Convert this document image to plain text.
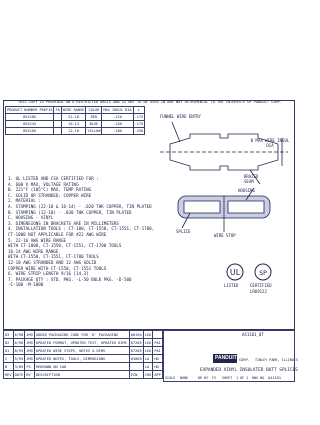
THIS COPY IS PROVIDED ON A RESTRICTED BASIS AND IS NOT TO BE USED IN ANY WAY DETRIMENTAL TO THE INTERESTS OF PANDUIT CORP.
PRODUCT NUMBER PREFIX	FA	WIRE RANGE	COLOR	MAX INSUL DIA	L
BSV18X		22-18	RED	.120	.175
BSV14X		16-14	BLUE	.140	.175
BSV10X		12-10	YELLOW	.180	.250
FUNNEL WIRE ENTRY
B MAX WIRE INSUL DIA
HOUSING
BRAZED SEAM
SPLICE
WIRE STOP
1. UL LISTED AND CSA CERTIFIED FOR :
A. 600 V MAX, VOLTAGE RATING
B. 221°F (105°C) MAX. TEMP RATING
C. SOLID OR STRANDED, COPPER WIRE
2. MATERIAL :
A. STAMPING (22-18 & 16-14) - .020 THK COPPER, TIN PLATED
B. STAMPING (12-10) - .030 THK COPPER, TIN PLATED
C. HOUSING - VINYL
3. DIMENSIONS IN BRACKETS ARE IN MILLIMETERS
4. INSTALLATION TOOLS : CT-100, CT-1550, CT-1551, CT-1700,
CT-1000 NOT APPLICABLE FOR #22 AWG WIRE
5. 22-16 AWG WIRE RANGE
WITH CT-1000, CT-1550, CT-1551, CT-1700 TOOLS
16-14 AWG WIRE RANGE
WITH CT-1550, CT-1551, CT-1700 TOOLS
12-10 AWG STRANDED AND 12 AWG SOLID
COPPER WIRE WITH CT-1550, CT-1551 TOOLS
6. WIRE STRIP LENGTH 9/16 [14.3]
7. PACKAGE QTY : STD. PKG. -L-50 BULK PKG. -D-500
-C-100 -M-1000
UL	SP
LISTED	CERTIFIED
LR69122
D3	6/98	JMG	ADDED PACKAGING CODE FOR 'D' PACKAGING	08150	LEO	
D2	6/96	JMG	UPDATED FORMAT, UPDATED TEXT, UPDATED DIMS	07205	LEO	PAI
D1	8/95	JMG	UPDATED WIRE STOPS, NOTES & DIMS	07205	LEO	PAI
C	5/95	JMG	UPDATED NOTES, TOOLS, DIMENSIONS	03060	LA	HD
B	3/89	FS	REDRAWN ON CAD		LA	HD
REV	DATE	BY	DESCRIPTION	ECN	CHK	APP
A41181_07
PANDUIT CORP. TINLEY PARK, ILLINOIS
EXPANDED VINYL INSULATED BUTT SPLICES
SCALE NONE	DR BY FS SHEET 1 OF 1 DWG NO A41181
